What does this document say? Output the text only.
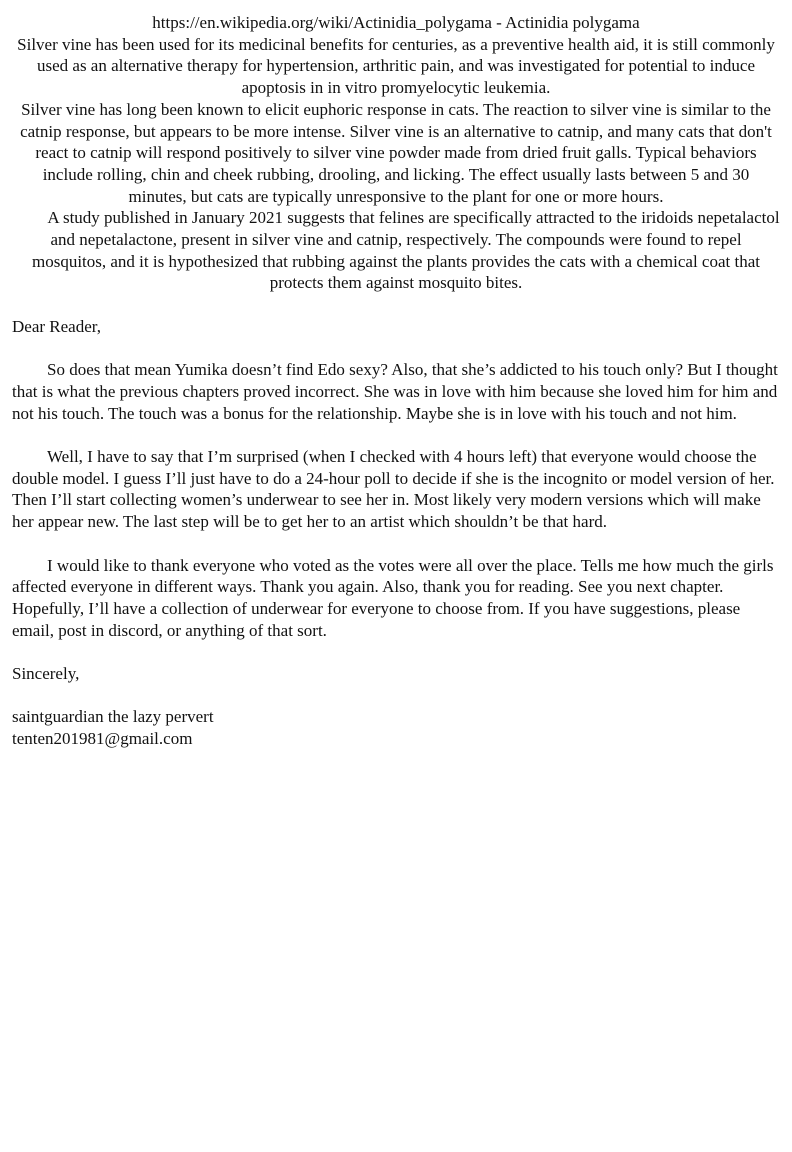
https://en.wikipedia.org/wiki/Actinidia_polygama - Actinidia polygama

Silver vine has been used for its medicinal benefits for centuries, as a preventive health aid, it is still commonly used as an alternative therapy for hypertension, arthritic pain, and was investigated for potential to induce apoptosis in in vitro promyelocytic leukemia.

Silver vine has long been known to elicit euphoric response in cats. The reaction to silver vine is similar to the catnip response, but appears to be more intense. Silver vine is an alternative to catnip, and many cats that don't react to catnip will respond positively to silver vine powder made from dried fruit galls. Typical behaviors include rolling, chin and cheek rubbing, drooling, and licking. The effect usually lasts between 5 and 30 minutes, but cats are typically unresponsive to the plant for one or more hours.

A study published in January 2021 suggests that felines are specifically attracted to the iridoids nepetalactol and nepetalactone, present in silver vine and catnip, respectively. The compounds were found to repel mosquitos, and it is hypothesized that rubbing against the plants provides the cats with a chemical coat that protects them against mosquito bites.

Dear Reader,

So does that mean Yumika doesn’t find Edo sexy? Also, that she’s addicted to his touch only? But I thought that is what the previous chapters proved incorrect. She was in love with him because she loved him for him and not his touch. The touch was a bonus for the relationship. Maybe she is in love with his touch and not him.

Well, I have to say that I’m surprised (when I checked with 4 hours left) that everyone would choose the double model. I guess I’ll just have to do a 24-hour poll to decide if she is the incognito or model version of her. Then I’ll start collecting women’s underwear to see her in. Most likely very modern versions which will make her appear new. The last step will be to get her to an artist which shouldn’t be that hard.

I would like to thank everyone who voted as the votes were all over the place. Tells me how much the girls affected everyone in different ways. Thank you again. Also, thank you for reading. See you next chapter. Hopefully, I’ll have a collection of underwear for everyone to choose from. If you have suggestions, please email, post in discord, or anything of that sort.

Sincerely,

saintguardian the lazy pervert

tenten201981@gmail.com
